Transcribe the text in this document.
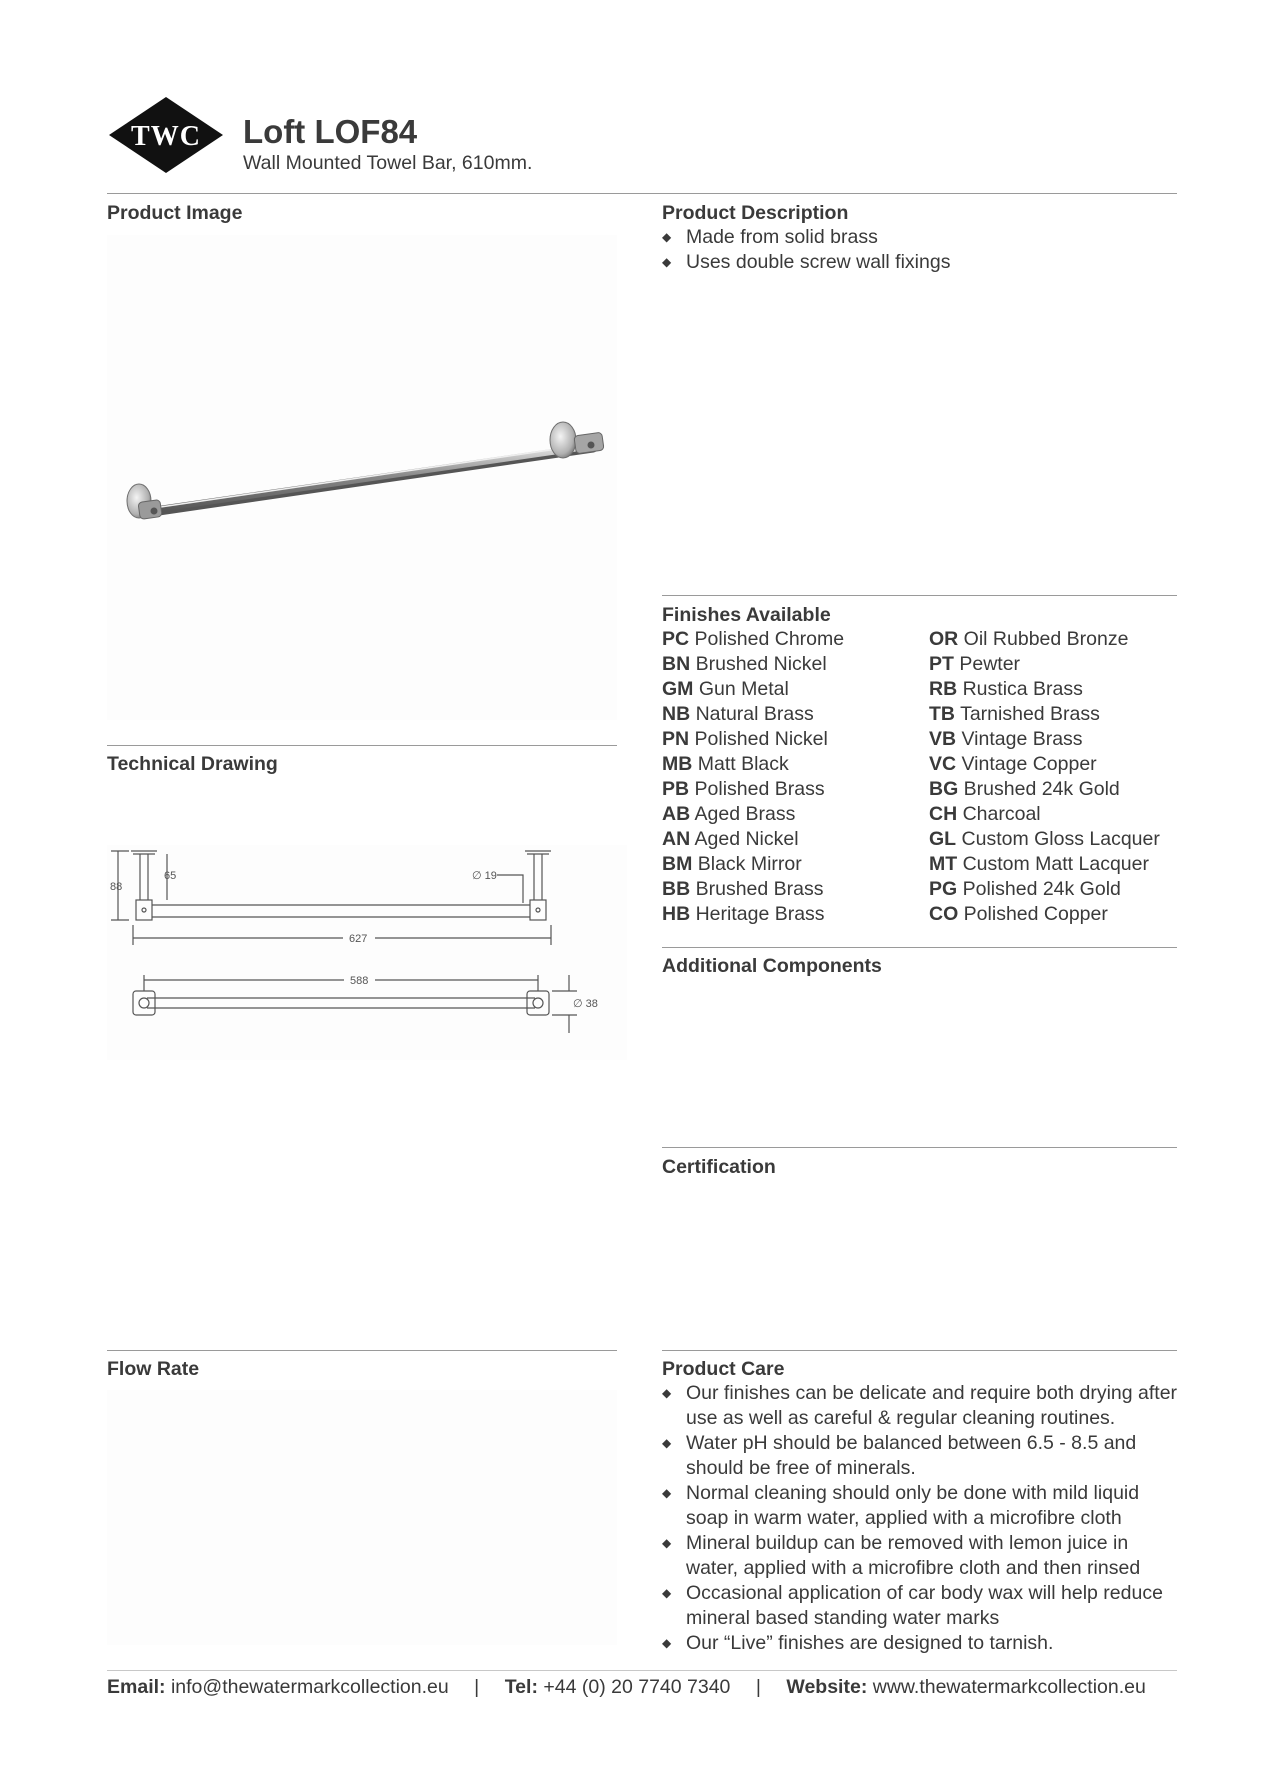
TWC Loft LOF84
Wall Mounted Towel Bar, 610mm.
Product Image
Technical Drawing
88
65	∅ 19
627
588
∅ 38
Flow Rate
Product Description
◆ Made from solid brass
◆ Uses double screw wall fixings
Finishes Available
PC Polished Chrome
BN Brushed Nickel
GM Gun Metal
NB Natural Brass
PN Polished Nickel
MB Matt Black
PB Polished Brass
AB Aged Brass
AN Aged Nickel
BM Black Mirror
BB Brushed Brass
HB Heritage Brass
OR Oil Rubbed Bronze
PT Pewter
RB Rustica Brass
TB Tarnished Brass
VB Vintage Brass
VC Vintage Copper
BG Brushed 24k Gold
CH Charcoal
GL Custom Gloss Lacquer
MT Custom Matt Lacquer
PG Polished 24k Gold
CO Polished Copper
Additional Components
Certification
Product Care
◆ Our finishes can be delicate and require both drying after use as well as careful & regular cleaning routines.
◆ Water pH should be balanced between 6.5 - 8.5 and should be free of minerals.
◆ Normal cleaning should only be done with mild liquid soap in warm water, applied with a microfibre cloth
◆ Mineral buildup can be removed with lemon juice in water, applied with a microfibre cloth and then rinsed
◆ Occasional application of car body wax will help reduce mineral based standing water marks
◆ Our “Live” finishes are designed to tarnish.
Email: info@thewatermarkcollection.eu | Tel: +44 (0) 20 7740 7340 | Website: www.thewatermarkcollection.eu
